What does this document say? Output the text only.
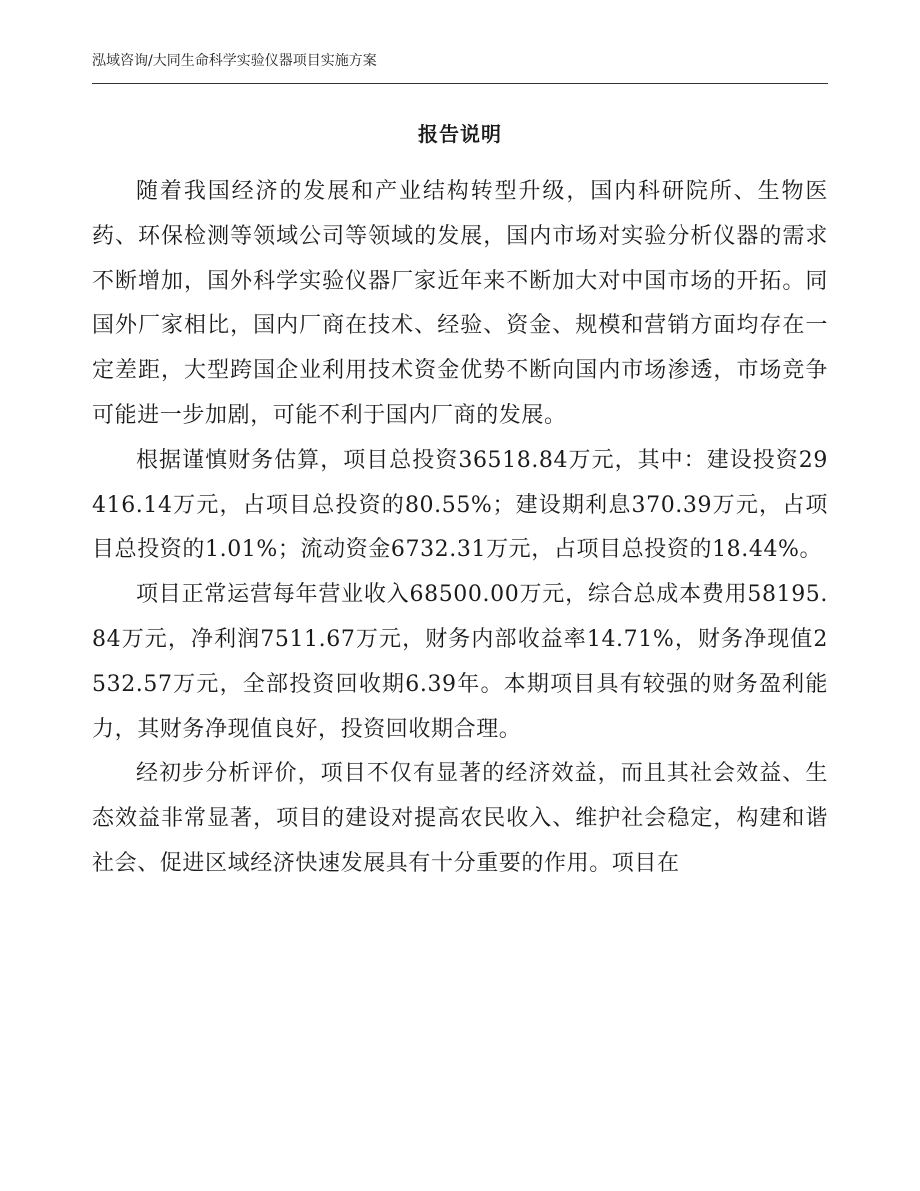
泓域咨询/大同生命科学实验仪器项目实施方案
报告说明

随着我国经济的发展和产业结构转型升级，国内科研院所、生物医药、环保检测等领域公司等领域的发展，国内市场对实验分析仪器的需求不断增加，国外科学实验仪器厂家近年来不断加大对中国市场的开拓。同国外厂家相比，国内厂商在技术、经验、资金、规模和营销方面均存在一定差距，大型跨国企业利用技术资金优势不断向国内市场渗透，市场竞争可能进一步加剧，可能不利于国内厂商的发展。

根据谨慎财务估算，项目总投资36518.84万元，其中：建设投资29416.14万元，占项目总投资的80.55%；建设期利息370.39万元，占项目总投资的1.01%；流动资金6732.31万元，占项目总投资的18.44%。

项目正常运营每年营业收入68500.00万元，综合总成本费用58195.84万元，净利润7511.67万元，财务内部收益率14.71%，财务净现值2532.57万元，全部投资回收期6.39年。本期项目具有较强的财务盈利能力，其财务净现值良好，投资回收期合理。

经初步分析评价，项目不仅有显著的经济效益，而且其社会效益、生态效益非常显著，项目的建设对提高农民收入、维护社会稳定，构建和谐社会、促进区域经济快速发展具有十分重要的作用。项目在
